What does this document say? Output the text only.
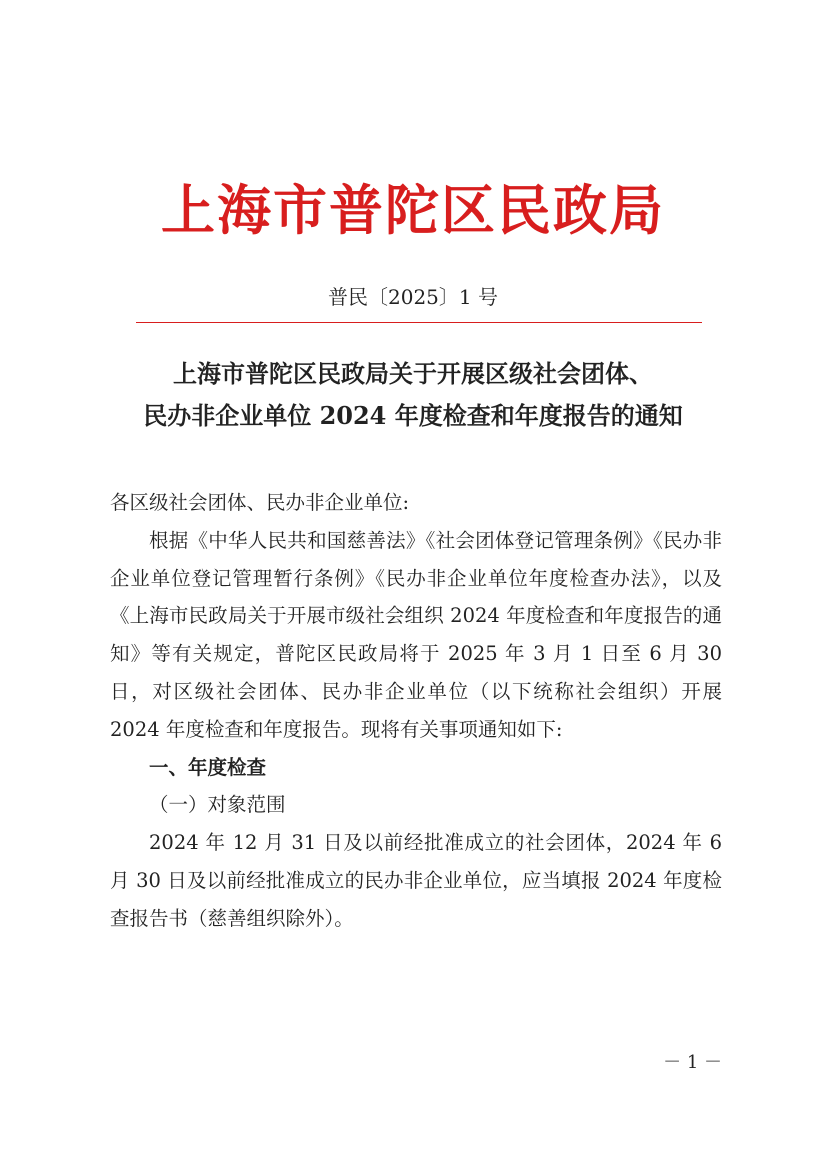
上海市普陀区民政局
普民〔2025〕1 号
上海市普陀区民政局关于开展区级社会团体、
民办非企业单位 2024 年度检查和年度报告的通知

各区级社会团体、民办非企业单位:

根据《中华人民共和国慈善法》《社会团体登记管理条例》《民办非企业单位登记管理暂行条例》《民办非企业单位年度检查办法》，以及《上海市民政局关于开展市级社会组织 2024 年度检查和年度报告的通知》等有关规定，普陀区民政局将于 2025 年 3 月 1 日至 6 月 30 日，对区级社会团体、民办非企业单位（以下统称社会组织）开展 2024 年度检查和年度报告。现将有关事项通知如下:

一、年度检查

（一）对象范围

2024 年 12 月 31 日及以前经批准成立的社会团体，2024 年 6 月 30 日及以前经批准成立的民办非企业单位，应当填报 2024 年度检查报告书（慈善组织除外）。

－ 1 －
